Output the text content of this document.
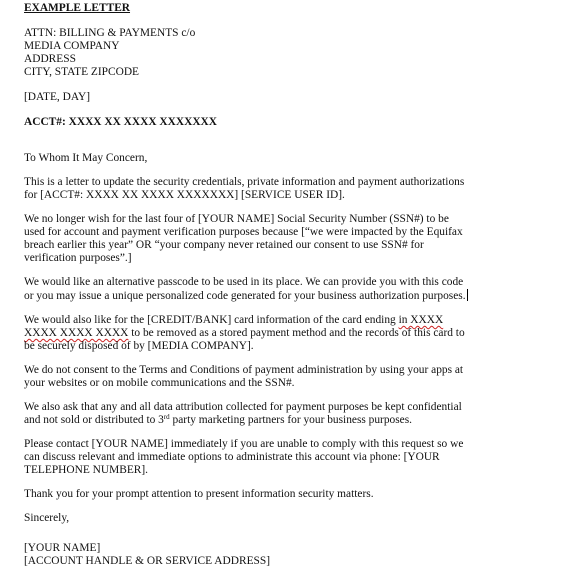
EXAMPLE LETTER

ATTN: BILLING & PAYMENTS c/o

MEDIA COMPANY

ADDRESS

CITY, STATE ZIPCODE

[DATE, DAY]

ACCT#: XXXX XX XXXX XXXXXXX

To Whom It May Concern,

This is a letter to update the security credentials, private information and payment authorizations

for [ACCT#: XXXX XX XXXX XXXXXXX] [SERVICE USER ID].

We no longer wish for the last four of [YOUR NAME] Social Security Number (SSN#) to be

used for account and payment verification purposes because [“we were impacted by the Equifax

breach earlier this year” OR “your company never retained our consent to use SSN# for

verification purposes”.]

We would like an alternative passcode to be used in its place. We can provide you with this code

or you may issue a unique personalized code generated for your business authorization purposes.

We would also like for the [CREDIT/BANK] card information of the card ending in XXXX

XXXX XXXX XXXX to be removed as a stored payment method and the records of this card to

be securely disposed of by [MEDIA COMPANY].

We do not consent to the Terms and Conditions of payment administration by using your apps at

your websites or on mobile communications and the SSN#.

We also ask that any and all data attribution collected for payment purposes be kept confidential

and not sold or distributed to 3rd party marketing partners for your business purposes.

Please contact [YOUR NAME] immediately if you are unable to comply with this request so we

can discuss relevant and immediate options to administrate this account via phone: [YOUR

TELEPHONE NUMBER].

Thank you for your prompt attention to present information security matters.

Sincerely,

[YOUR NAME]

[ACCOUNT HANDLE & OR SERVICE ADDRESS]
